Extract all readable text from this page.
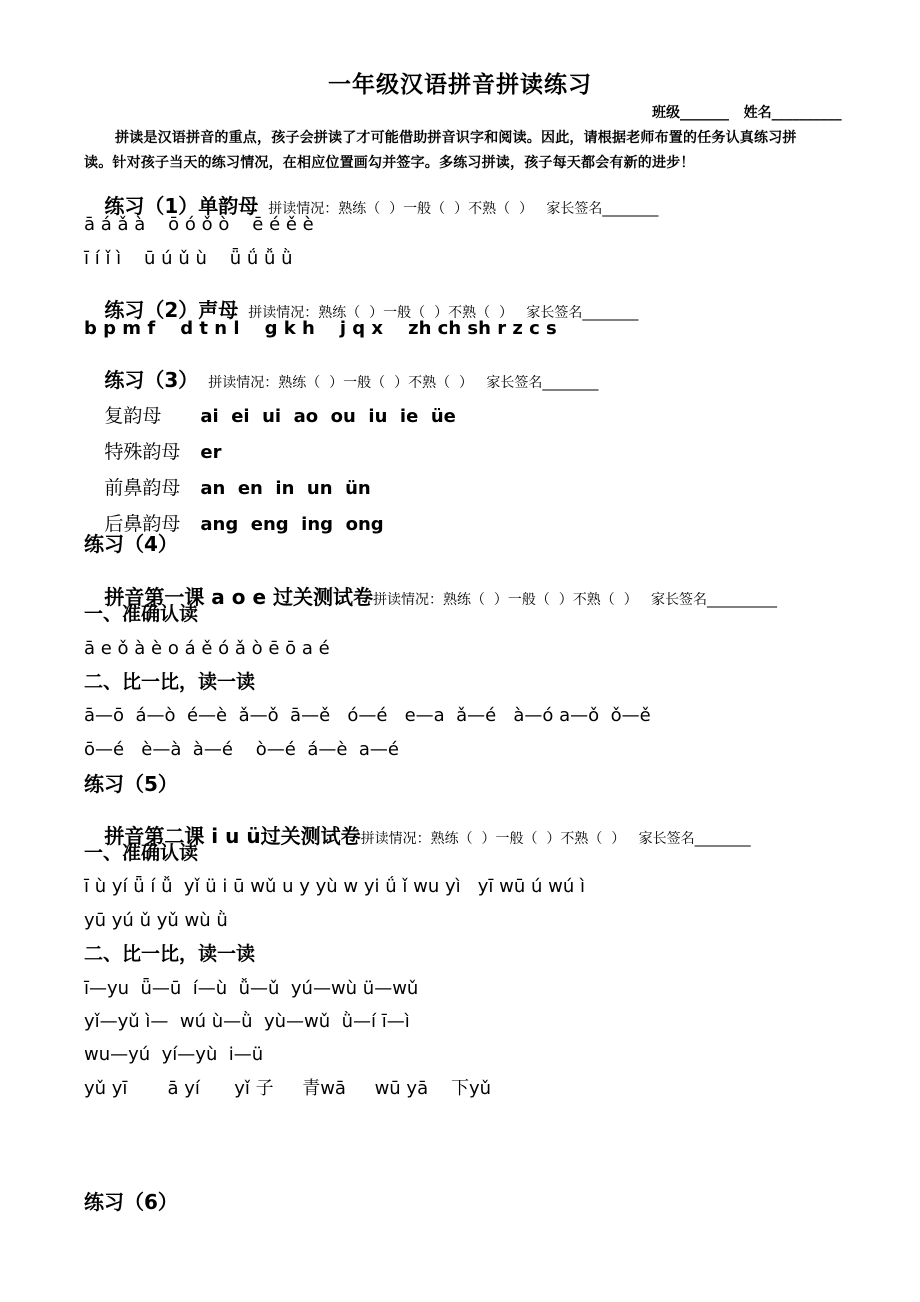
一年级汉语拼音拼读练习
班级_______   姓名__________
拼读是汉语拼音的重点，孩子会拼读了才可能借助拼音识字和阅读。因此，请根据老师布置的任务认真练习拼
读。针对孩子当天的练习情况，在相应位置画勾并签字。多练习拼读，孩子每天都会有新的进步！

练习（1）单韵母 拼读情况：熟练（  ）一般（  ）不熟（  ）   家长签名________

ā á ǎ à    ō ó ǒ ò    ē é ě è
ī í ǐ ì    ū ú ǔ ù    ǖ ǘ ǚ ǜ

练习（2）声母 拼读情况：熟练（  ）一般（  ）不熟（  ）   家长签名________

b p m f    d t n l    g k h    j q x    zh ch sh r z c s

练习（3） 拼读情况：熟练（  ）一般（  ）不熟（  ）   家长签名________

复韵母 ai  ei  ui  ao  ou  iu  ie  üe

特殊韵母 er

前鼻韵母 an  en  in  un  ün

后鼻韵母 ang  eng  ing  ong

练习（4）

拼音第一课 a o e 过关测试卷拼读情况：熟练（  ）一般（  ）不熟（  ）   家长签名__________

一、准确认读
ā e ǒ à è o á ě ó ǎ ò ē ō a é
二、比一比，读一读
ā—ō  á—ò  é—è  ǎ—ǒ  ā—ě   ó—é   e—a  ǎ—é   à—ó a—ǒ  ǒ—ě
ō—é   è—à  à—é    ò—é  á—è  a—é
练习（5）

拼音第二课 i u ü过关测试卷拼读情况：熟练（  ）一般（  ）不熟（  ）   家长签名________

一、准确认读
ī ù yí ǖ í ǚ  yǐ ü i ū wǔ u y yù w yi ǘ ǐ wu yì   yī wū ú wú ì
yū yú ǔ yǔ wù ǜ
二、比一比，读一读
ī—yu  ǖ—ū  í—ù  ǚ—ǔ  yú—wù ü—wǔ
yǐ—yǔ ì—  wú ù—ǜ  yù—wǔ  ǜ—í ī—ì
wu—yú  yí—yù  i—ü
yǔ yī       ā yí      yǐ 子     青wā     wū yā    下yǔ
练习（6）
